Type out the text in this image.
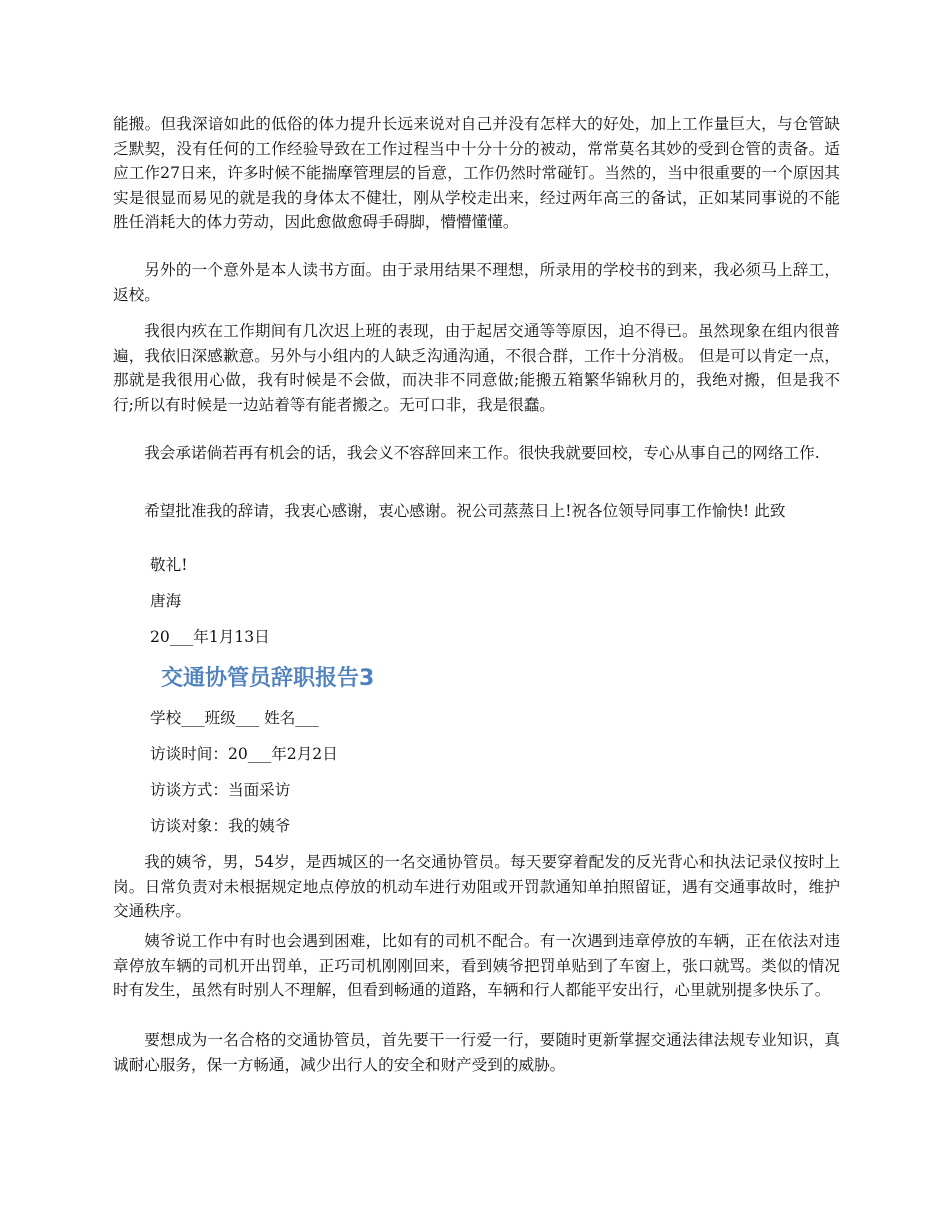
能搬。但我深谙如此的低俗的体力提升长远来说对自己并没有怎样大的好处，加上工作量巨大，与仓管缺乏默契，没有任何的工作经验导致在工作过程当中十分十分的被动，常常莫名其妙的受到仓管的责备。适应工作27日来，许多时候不能揣摩管理层的旨意，工作仍然时常碰钉。当然的，当中很重要的一个原因其实是很显而易见的就是我的身体太不健壮，刚从学校走出来，经过两年高三的备试，正如某同事说的不能胜任消耗大的体力劳动，因此愈做愈碍手碍脚，懵懵懂懂。

另外的一个意外是本人读书方面。由于录用结果不理想，所录用的学校书的到来，我必须马上辞工，返校。

我很内疚在工作期间有几次迟上班的表现，由于起居交通等等原因，迫不得已。虽然现象在组内很普遍，我依旧深感歉意。另外与小组内的人缺乏沟通沟通，不很合群，工作十分消极。 但是可以肯定一点，那就是我很用心做，我有时候是不会做，而决非不同意做;能搬五箱繁华锦秋月的，我绝对搬，但是我不行;所以有时候是一边站着等有能者搬之。无可口非，我是很蠢。

我会承诺倘若再有机会的话，我会义不容辞回来工作。很快我就要回校，专心从事自己的网络工作.

希望批准我的辞请，我衷心感谢，衷心感谢。祝公司蒸蒸日上!祝各位领导同事工作愉快! 此致

敬礼!

唐海

20___年1月13日

交通协管员辞职报告3

学校___班级___ 姓名___

访谈时间：20___年2月2日

访谈方式：当面采访

访谈对象：我的姨爷

我的姨爷，男，54岁，是西城区的一名交通协管员。每天要穿着配发的反光背心和执法记录仪按时上岗。日常负责对未根据规定地点停放的机动车进行劝阻或开罚款通知单拍照留证，遇有交通事故时，维护交通秩序。

姨爷说工作中有时也会遇到困难，比如有的司机不配合。有一次遇到违章停放的车辆，正在依法对违章停放车辆的司机开出罚单，正巧司机刚刚回来，看到姨爷把罚单贴到了车窗上，张口就骂。类似的情况时有发生，虽然有时别人不理解，但看到畅通的道路，车辆和行人都能平安出行，心里就别提多快乐了。

要想成为一名合格的交通协管员，首先要干一行爱一行，要随时更新掌握交通法律法规专业知识，真诚耐心服务，保一方畅通，减少出行人的安全和财产受到的威胁。
